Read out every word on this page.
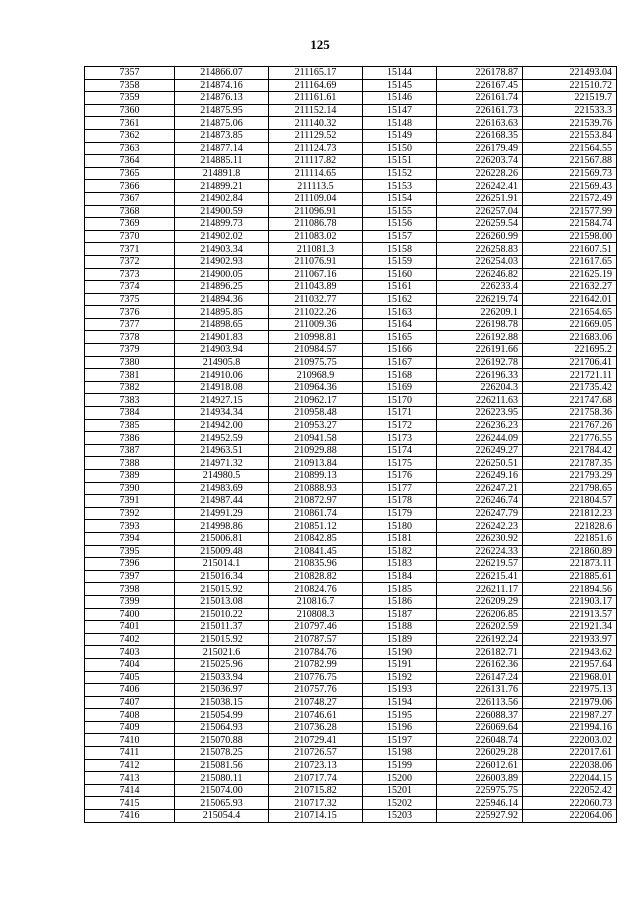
125
7357	214866.07	211165.17	15144	226178.87	221493.04
7358	214874.16	211164.69	15145	226167.45	221510.72
7359	214876.13	211161.61	15146	226161.74	221519.7
7360	214875.95	211152.14	15147	226161.73	221533.3
7361	214875.06	211140.32	15148	226163.63	221539.76
7362	214873.85	211129.52	15149	226168.35	221553.84
7363	214877.14	211124.73	15150	226179.49	221564.55
7364	214885.11	211117.82	15151	226203.74	221567.88
7365	214891.8	211114.65	15152	226228.26	221569.73
7366	214899.21	211113.5	15153	226242.41	221569.43
7367	214902.84	211109.04	15154	226251.91	221572.49
7368	214900.59	211096.91	15155	226257.04	221577.99
7369	214899.73	211086.78	15156	226259.54	221584.74
7370	214902.02	211083.02	15157	226260.99	221598.00
7371	214903.34	211081.3	15158	226258.83	221607.51
7372	214902.93	211076.91	15159	226254.03	221617.65
7373	214900.05	211067.16	15160	226246.82	221625.19
7374	214896.25	211043.89	15161	226233.4	221632.27
7375	214894.36	211032.77	15162	226219.74	221642.01
7376	214895.85	211022.26	15163	226209.1	221654.65
7377	214898.65	211009.36	15164	226198.78	221669.05
7378	214901.83	210998.81	15165	226192.88	221683.06
7379	214903.94	210984.57	15166	226191.66	221695.2
7380	214905.8	210975.75	15167	226192.78	221706.41
7381	214910.06	210968.9	15168	226196.33	221721.11
7382	214918.08	210964.36	15169	226204.3	221735.42
7383	214927.15	210962.17	15170	226211.63	221747.68
7384	214934.34	210958.48	15171	226223.95	221758.36
7385	214942.00	210953.27	15172	226236.23	221767.26
7386	214952.59	210941.58	15173	226244.09	221776.55
7387	214963.51	210929.88	15174	226249.27	221784.42
7388	214971.32	210913.84	15175	226250.51	221787.35
7389	214980.5	210899.13	15176	226249.16	221793.29
7390	214983.69	210888.93	15177	226247.21	221798.65
7391	214987.44	210872.97	15178	226246.74	221804.57
7392	214991.29	210861.74	15179	226247.79	221812.23
7393	214998.86	210851.12	15180	226242.23	221828.6
7394	215006.81	210842.85	15181	226230.92	221851.6
7395	215009.48	210841.45	15182	226224.33	221860.89
7396	215014.1	210835.96	15183	226219.57	221873.11
7397	215016.34	210828.82	15184	226215.41	221885.61
7398	215015.92	210824.76	15185	226211.17	221894.56
7399	215013.08	210816.7	15186	226209.29	221903.17
7400	215010.22	210808.3	15187	226206.85	221913.57
7401	215011.37	210797.46	15188	226202.59	221921.34
7402	215015.92	210787.57	15189	226192.24	221933.97
7403	215021.6	210784.76	15190	226182.71	221943.62
7404	215025.96	210782.99	15191	226162.36	221957.64
7405	215033.94	210776.75	15192	226147.24	221968.01
7406	215036.97	210757.76	15193	226131.76	221975.13
7407	215038.15	210748.27	15194	226113.56	221979.06
7408	215054.99	210746.61	15195	226088.37	221987.27
7409	215064.93	210736.28	15196	226069.64	221994.16
7410	215070.88	210729.41	15197	226048.74	222003.02
7411	215078.25	210726.57	15198	226029.28	222017.61
7412	215081.56	210723.13	15199	226012.61	222038.06
7413	215080.11	210717.74	15200	226003.89	222044.15
7414	215074.00	210715.82	15201	225975.75	222052.42
7415	215065.93	210717.32	15202	225946.14	222060.73
7416	215054.4	210714.15	15203	225927.92	222064.06
